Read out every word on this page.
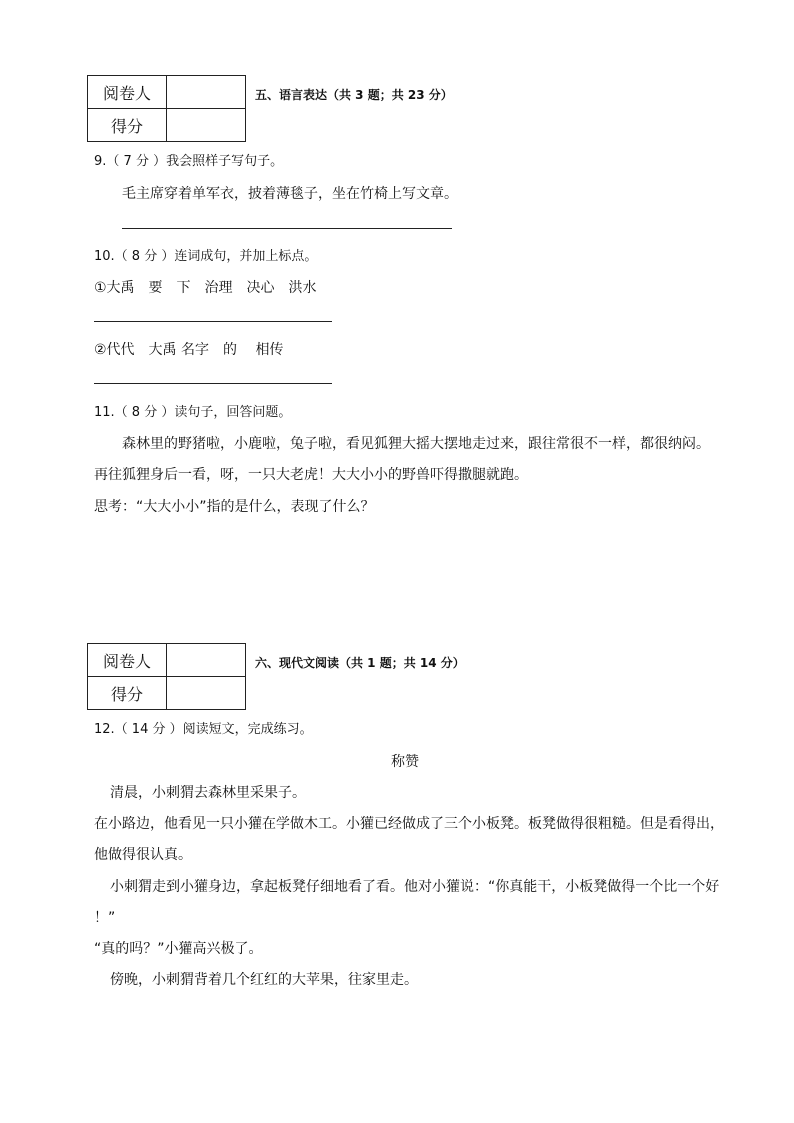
阅卷人	
得分	
五、语言表达（共 3 题；共 23 分）
9.（ 7 分 ）我会照样子写句子。
毛主席穿着单军衣，披着薄毯子，坐在竹椅上写文章。
10.（ 8 分 ）连词成句，并加上标点。
①大禹　要　下　治理　决心　洪水
②代代　大禹 名字　的　 相传
11.（ 8 分 ）读句子，回答问题。
森林里的野猪啦，小鹿啦，兔子啦，看见狐狸大摇大摆地走过来，跟往常很不一样，都很纳闷。
再往狐狸身后一看，呀，一只大老虎！大大小小的野兽吓得撒腿就跑。
思考：“大大小小”指的是什么，表现了什么？
阅卷人	
得分	
六、现代文阅读（共 1 题；共 14 分）
12.（ 14 分 ）阅读短文，完成练习。
称赞
清晨，小刺猬去森林里采果子。
在小路边，他看见一只小獾在学做木工。小獾已经做成了三个小板凳。板凳做得很粗糙。但是看得出，
他做得很认真。
小刺猬走到小獾身边，拿起板凳仔细地看了看。他对小獾说：“你真能干，小板凳做得一个比一个好
！”
“真的吗？”小獾高兴极了。
傍晚，小刺猬背着几个红红的大苹果，往家里走。
